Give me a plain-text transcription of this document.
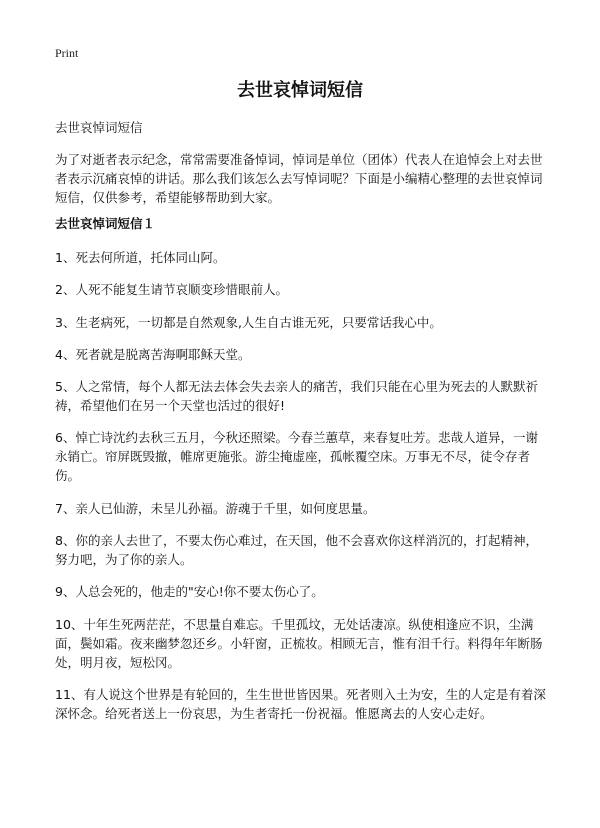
Print
去世哀悼词短信

去世哀悼词短信

为了对逝者表示纪念，常常需要准备悼词，悼词是单位（团体）代表人在追悼会上对去世者表示沉痛哀悼的讲话。那么我们该怎么去写悼词呢？下面是小编精心整理的去世哀悼词短信，仅供参考，希望能够帮助到大家。

去世哀悼词短信１

1、死去何所道，托体同山阿。
2、人死不能复生请节哀顺变珍惜眼前人。
3、生老病死，一切都是自然观象,人生自古谁无死，只要常话我心中。
4、死者就是脱离苦海啊耶稣天堂。
5、人之常情，每个人都无法去体会失去亲人的痛苦，我们只能在心里为死去的人默默祈祷，希望他们在另一个天堂也活过的很好!
6、悼亡诗沈约去秋三五月，今秋还照梁。今春兰蕙草，来春复吐芳。悲哉人道异，一谢永销亡。帘屏既毁撤，帷席更施张。游尘掩虚座，孤帐覆空床。万事无不尽，徒令存者伤。
7、亲人已仙游，未呈儿孙福。游魂于千里，如何度思量。
8、你的亲人去世了，不要太伤心难过，在天国，他不会喜欢你这样消沉的，打起精神，努力吧，为了你的亲人。
9、人总会死的，他走的"安心!你不要太伤心了。
10、十年生死两茫茫，不思量自难忘。千里孤坟，无处话凄凉。纵使相逢应不识，尘满面，鬓如霜。夜来幽梦忽还乡。小轩窗，正梳妆。相顾无言，惟有泪千行。料得年年断肠处，明月夜，短松冈。
11、有人说这个世界是有轮回的，生生世世皆因果。死者则入土为安，生的人定是有着深深怀念。给死者送上一份哀思，为生者寄托一份祝福。惟愿离去的人安心走好。
